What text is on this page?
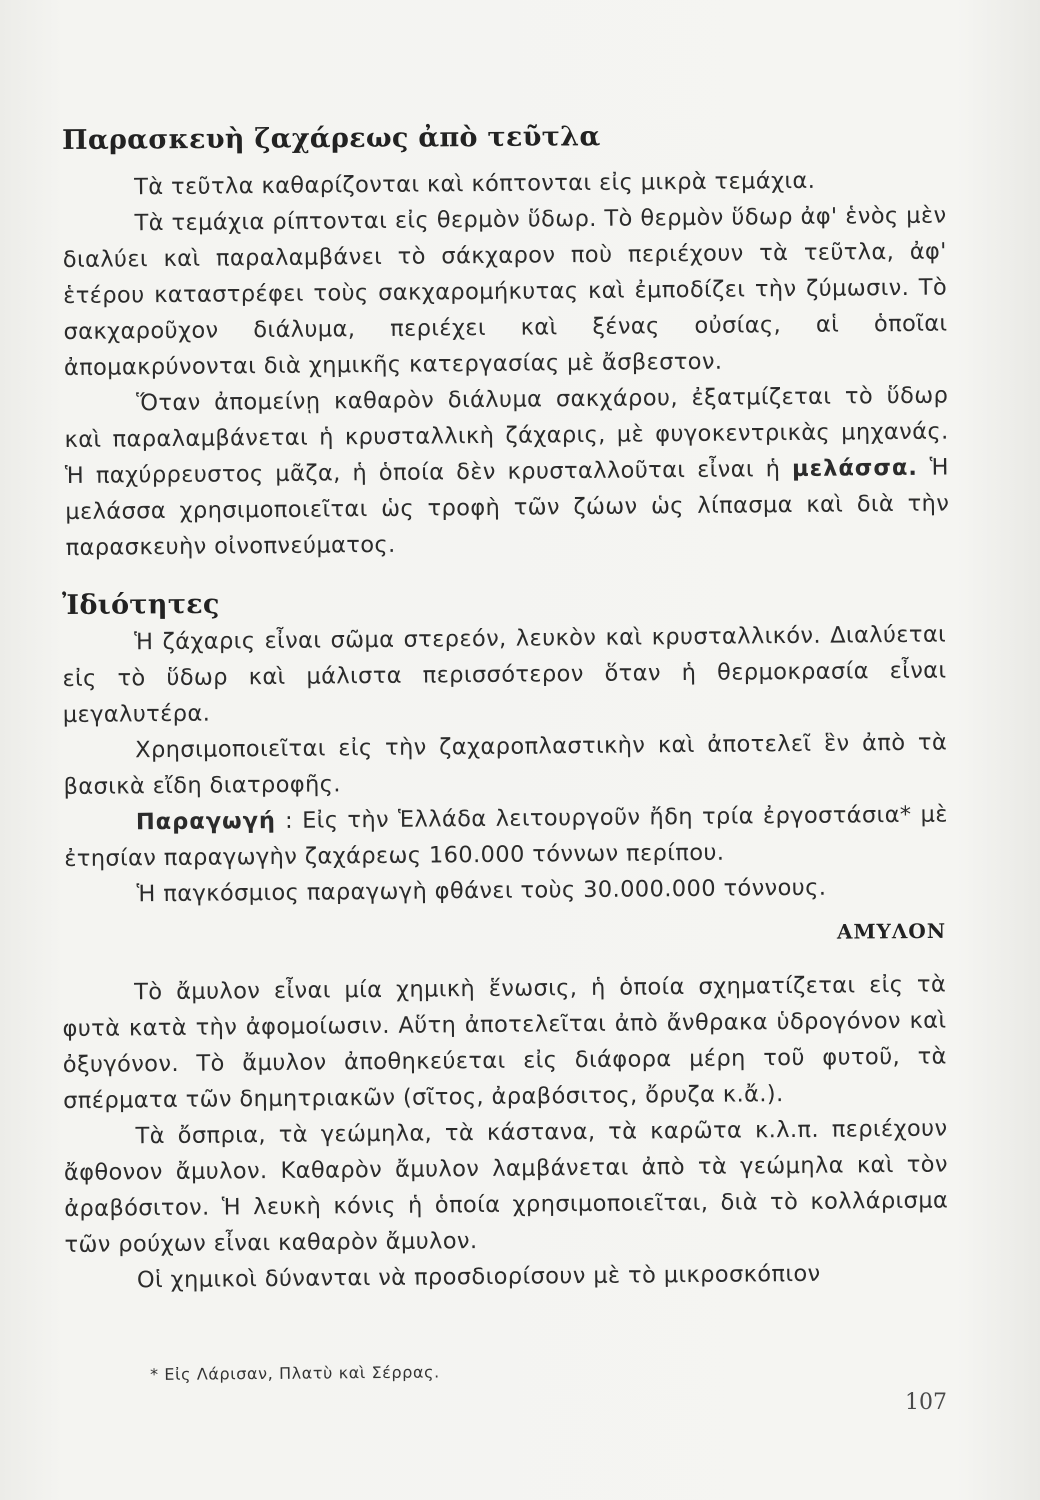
Παρασκευὴ ζαχάρεως ἀπὸ τεῦτλα

Τὰ τεῦτλα καθαρίζονται καὶ κόπτονται εἰς μικρὰ τεμάχια.

Τὰ τεμάχια ρίπτονται εἰς θερμὸν ὕδωρ. Τὸ θερμὸν ὕδωρ ἀφ' ἑνὸς μὲν διαλύει καὶ παραλαμβάνει τὸ σάκχαρον ποὺ περιέχουν τὰ τεῦτλα, ἀφ' ἑτέρου καταστρέφει τοὺς σακχαρομήκυτας καὶ ἐμποδίζει τὴν ζύμωσιν. Τὸ σακχαροῦχον διάλυμα, περιέχει καὶ ξένας οὐσίας, αἱ ὁποῖαι ἀπομακρύνονται διὰ χημικῆς κατεργασίας μὲ ἄσβεστον.

Ὅταν ἀπομείνῃ καθαρὸν διάλυμα σακχάρου, ἐξατμίζεται τὸ ὕδωρ καὶ παραλαμβάνεται ἡ κρυσταλλικὴ ζάχαρις, μὲ φυγοκεντρικὰς μηχανάς. Ἡ παχύρρευστος μᾶζα, ἡ ὁποία δὲν κρυσταλλοῦται εἶναι ἡ μελάσσα. Ἡ μελάσσα χρησιμοποιεῖται ὡς τροφὴ τῶν ζώων ὡς λίπασμα καὶ διὰ τὴν παρασκευὴν οἰνοπνεύματος.

Ἰδιότητες

Ἡ ζάχαρις εἶναι σῶμα στερεόν, λευκὸν καὶ κρυσταλλικόν. Διαλύεται εἰς τὸ ὕδωρ καὶ μάλιστα περισσότερον ὅταν ἡ θερμοκρασία εἶναι μεγαλυτέρα.

Χρησιμοποιεῖται εἰς τὴν ζαχαροπλαστικὴν καὶ ἀποτελεῖ ἓν ἀπὸ τὰ βασικὰ εἴδη διατροφῆς.

Παραγωγή : Εἰς τὴν Ἑλλάδα λειτουργοῦν ἤδη τρία ἐργοστάσια* μὲ ἐτησίαν παραγωγὴν ζαχάρεως 160.000 τόννων περίπου.

Ἡ παγκόσμιος παραγωγὴ φθάνει τοὺς 30.000.000 τόννους.

ΑΜΥΛΟΝ

Τὸ ἄμυλον εἶναι μία χημικὴ ἕνωσις, ἡ ὁποία σχηματίζεται εἰς τὰ φυτὰ κατὰ τὴν ἀφομοίωσιν. Αὕτη ἀποτελεῖται ἀπὸ ἄνθρακα ὑδρογόνον καὶ ὀξυγόνον. Τὸ ἄμυλον ἀποθηκεύεται εἰς διάφορα μέρη τοῦ φυτοῦ, τὰ σπέρματα τῶν δημητριακῶν (σῖτος, ἀραβόσιτος, ὄρυζα κ.ἄ.).

Τὰ ὄσπρια, τὰ γεώμηλα, τὰ κάστανα, τὰ καρῶτα κ.λ.π. περιέχουν ἄφθονον ἄμυλον. Καθαρὸν ἄμυλον λαμβάνεται ἀπὸ τὰ γεώμηλα καὶ τὸν ἀραβόσιτον. Ἡ λευκὴ κόνις ἡ ὁποία χρησιμοποιεῖται, διὰ τὸ κολλάρισμα τῶν ρούχων εἶναι καθαρὸν ἄμυλον.

Οἱ χημικοὶ δύνανται νὰ προσδιορίσουν μὲ τὸ μικροσκόπιον

* Εἰς Λάρισαν, Πλατὺ καὶ Σέρρας.
107
